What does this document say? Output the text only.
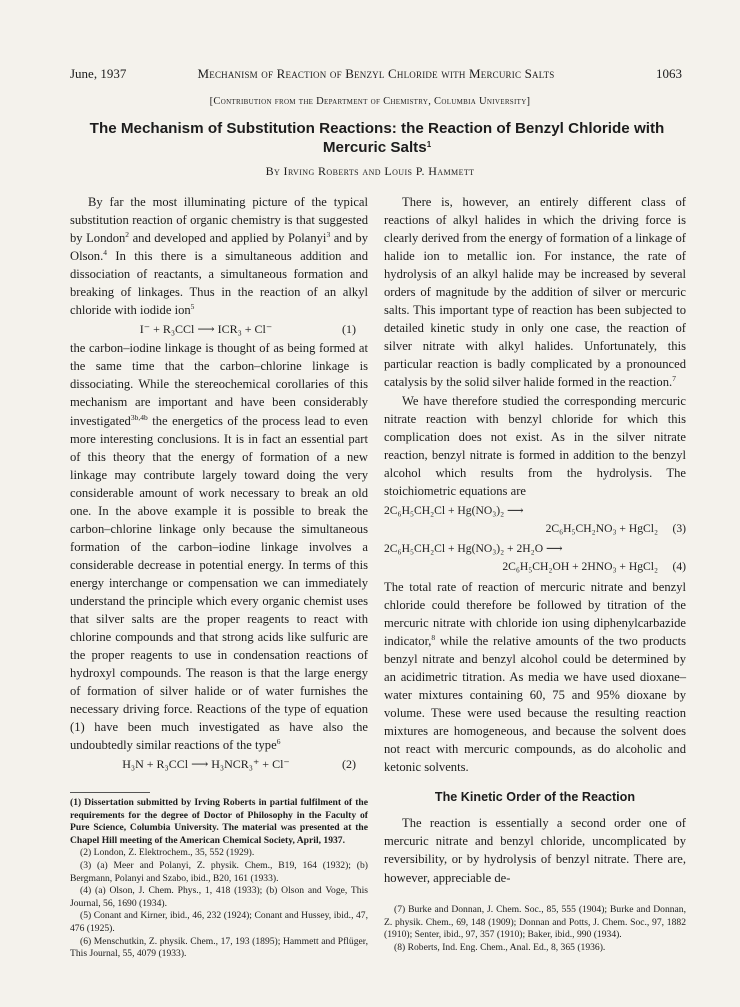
June, 1937	Mechanism of Reaction of Benzyl Chloride with Mercuric Salts	1063
[Contribution from the Department of Chemistry, Columbia University]
The Mechanism of Substitution Reactions: the Reaction of Benzyl Chloride with Mercuric Salts$^1$
By Irving Roberts and Louis P. Hammett

By far the most illuminating picture of the typical substitution reaction of organic chemistry is that suggested by London$^2$ and developed and applied by Polanyi$^3$ and by Olson.$^4$ In this there is a simultaneous addition and dissociation of reactants, a simultaneous formation and breaking of linkages. Thus in the reaction of an alkyl chloride with iodide ion$^5$

I⁻ + R₃CCl ⟶ ICR₃ + Cl⁻	(1)

the carbon–iodine linkage is thought of as being formed at the same time that the carbon–chlorine linkage is dissociating. While the stereochemical corollaries of this mechanism are important and have been considerably investigated$^{3b,4b}$ the energetics of the process lead to even more interesting conclusions. It is in fact an essential part of this theory that the energy of formation of a new linkage may contribute largely toward doing the very considerable amount of work necessary to break an old one. In the above example it is possible to break the carbon–chlorine linkage only because the simultaneous formation of the carbon–iodine linkage involves a considerable decrease in potential energy. In terms of this energy interchange or compensation we can immediately understand the principle which every organic chemist uses that silver salts are the proper reagents to react with chlorine compounds and that strong acids like sulfuric are the proper reagents to use in condensation reactions of hydroxyl compounds. The reason is that the large energy of formation of silver halide or of water furnishes the necessary driving force. Reactions of the type of equation (1) have been much investigated as have also the undoubtedly similar reactions of the type$^6$

H₃N + R₃CCl ⟶ H₃NCR₃⁺ + Cl⁻	(2)
(1) Dissertation submitted by Irving Roberts in partial fulfilment of the requirements for the degree of Doctor of Philosophy in the Faculty of Pure Science, Columbia University. The material was presented at the Chapel Hill meeting of the American Chemical Society, April, 1937.
(2) London, Z. Elektrochem., 35, 552 (1929).
(3) (a) Meer and Polanyi, Z. physik. Chem., B19, 164 (1932); (b) Bergmann, Polanyi and Szabo, ibid., B20, 161 (1933).
(4) (a) Olson, J. Chem. Phys., 1, 418 (1933); (b) Olson and Voge, This Journal, 56, 1690 (1934).
(5) Conant and Kirner, ibid., 46, 232 (1924); Conant and Hussey, ibid., 47, 476 (1925).
(6) Menschutkin, Z. physik. Chem., 17, 193 (1895); Hammett and Pflüger, This Journal, 55, 4079 (1933).

There is, however, an entirely different class of reactions of alkyl halides in which the driving force is clearly derived from the energy of formation of a linkage of halide ion to metallic ion. For instance, the rate of hydrolysis of an alkyl halide may be increased by several orders of magnitude by the addition of silver or mercuric salts. This important type of reaction has been subjected to detailed kinetic study in only one case, the reaction of silver nitrate with alkyl halides. Unfortunately, this particular reaction is badly complicated by a pronounced catalysis by the solid silver halide formed in the reaction.$^7$

We have therefore studied the corresponding mercuric nitrate reaction with benzyl chloride for which this complication does not exist. As in the silver nitrate reaction, benzyl nitrate is formed in addition to the benzyl alcohol which results from the hydrolysis. The stoichiometric equations are

2C₆H₅CH₂Cl + Hg(NO₃)₂ ⟶
2C₆H₅CH₂NO₃ + HgCl₂	(3)
2C₆H₅CH₂Cl + Hg(NO₃)₂ + 2H₂O ⟶
2C₆H₅CH₂OH + 2HNO₃ + HgCl₂	(4)

The total rate of reaction of mercuric nitrate and benzyl chloride could therefore be followed by titration of the mercuric nitrate with chloride ion using diphenylcarbazide indicator,$^8$ while the relative amounts of the two products benzyl nitrate and benzyl alcohol could be determined by an acidimetric titration. As media we have used dioxane–water mixtures containing 60, 75 and 95% dioxane by volume. These were used because the resulting reaction mixtures are homogeneous, and because the solvent does not react with mercuric compounds, as do alcoholic and ketonic solvents.

The Kinetic Order of the Reaction

The reaction is essentially a second order one of mercuric nitrate and benzyl chloride, uncomplicated by reversibility, or by hydrolysis of benzyl nitrate. There are, however, appreciable de-

(7) Burke and Donnan, J. Chem. Soc., 85, 555 (1904); Burke and Donnan, Z. physik. Chem., 69, 148 (1909); Donnan and Potts, J. Chem. Soc., 97, 1882 (1910); Senter, ibid., 97, 357 (1910); Baker, ibid., 990 (1934).
(8) Roberts, Ind. Eng. Chem., Anal. Ed., 8, 365 (1936).
